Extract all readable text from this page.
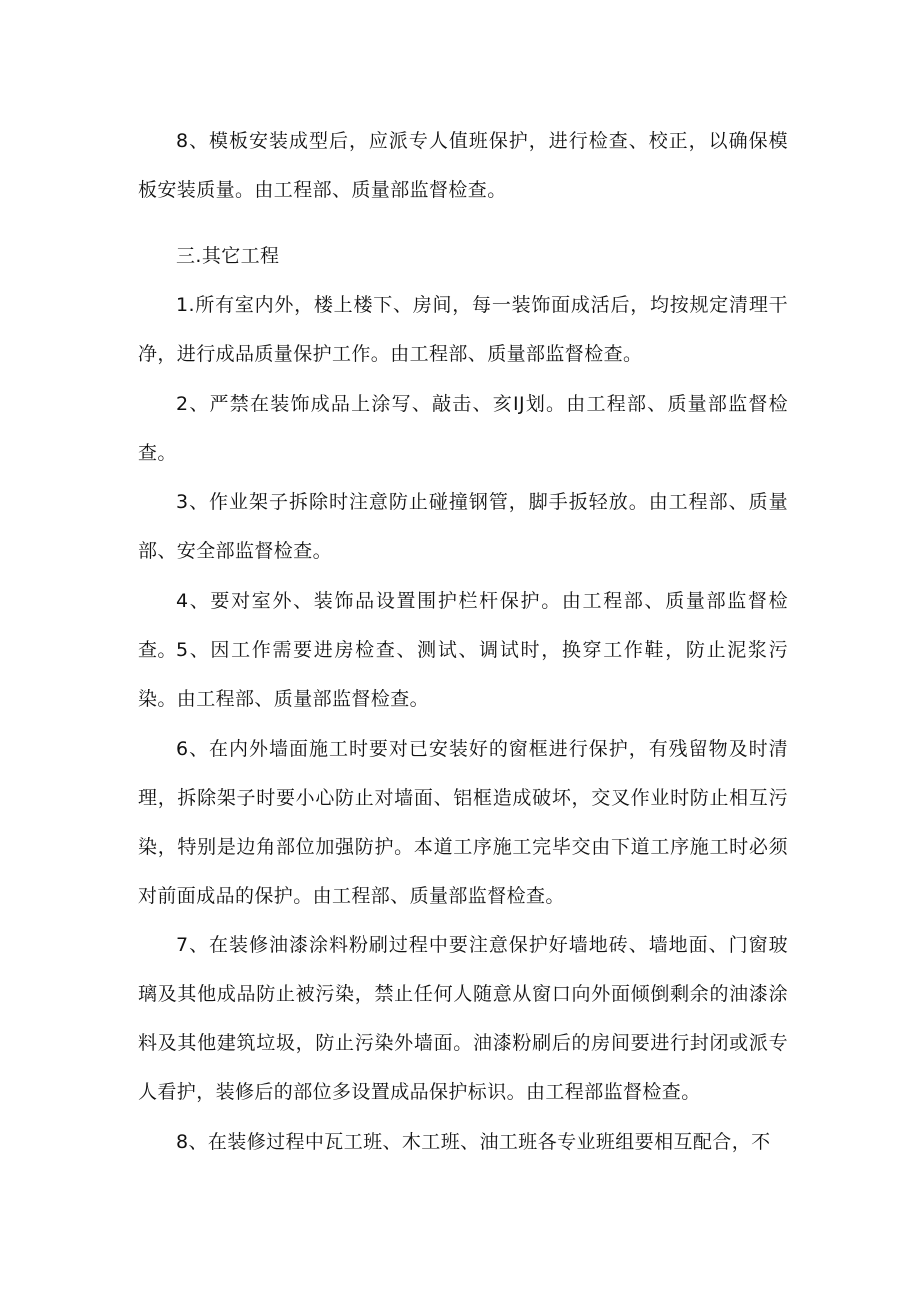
8、模板安装成型后，应派专人值班保护，进行检查、校正，以确保模板安装质量。由工程部、质量部监督检查。

三.其它工程

1.所有室内外，楼上楼下、房间，每一装饰面成活后，均按规定清理干净，进行成品质量保护工作。由工程部、质量部监督检查。

2、严禁在装饰成品上涂写、敲击、亥IJ划。由工程部、质量部监督检查。

3、作业架子拆除时注意防止碰撞钢管，脚手扳轻放。由工程部、质量部、安全部监督检查。

4、要对室外、装饰品设置围护栏杆保护。由工程部、质量部监督检查。 5、因工作需要进房检查、测试、调试时，换穿工作鞋，防止泥浆污染。由工程部、质量部监督检查。

6、在内外墙面施工时要对已安装好的窗框进行保护，有残留物及时清理，拆除架子时要小心防止对墙面、铝框造成破坏，交叉作业时防止相互污染，特别是边角部位加强防护。本道工序施工完毕交由下道工序施工时必须对前面成品的保护。由工程部、质量部监督检查。

7、在装修油漆涂料粉刷过程中要注意保护好墙地砖、墙地面、门窗玻璃及其他成品防止被污染，禁止任何人随意从窗口向外面倾倒剩余的油漆涂料及其他建筑垃圾，防止污染外墙面。油漆粉刷后的房间要进行封闭或派专人看护，装修后的部位多设置成品保护标识。由工程部监督检查。

8、在装修过程中瓦工班、木工班、油工班各专业班组要相互配合，不
